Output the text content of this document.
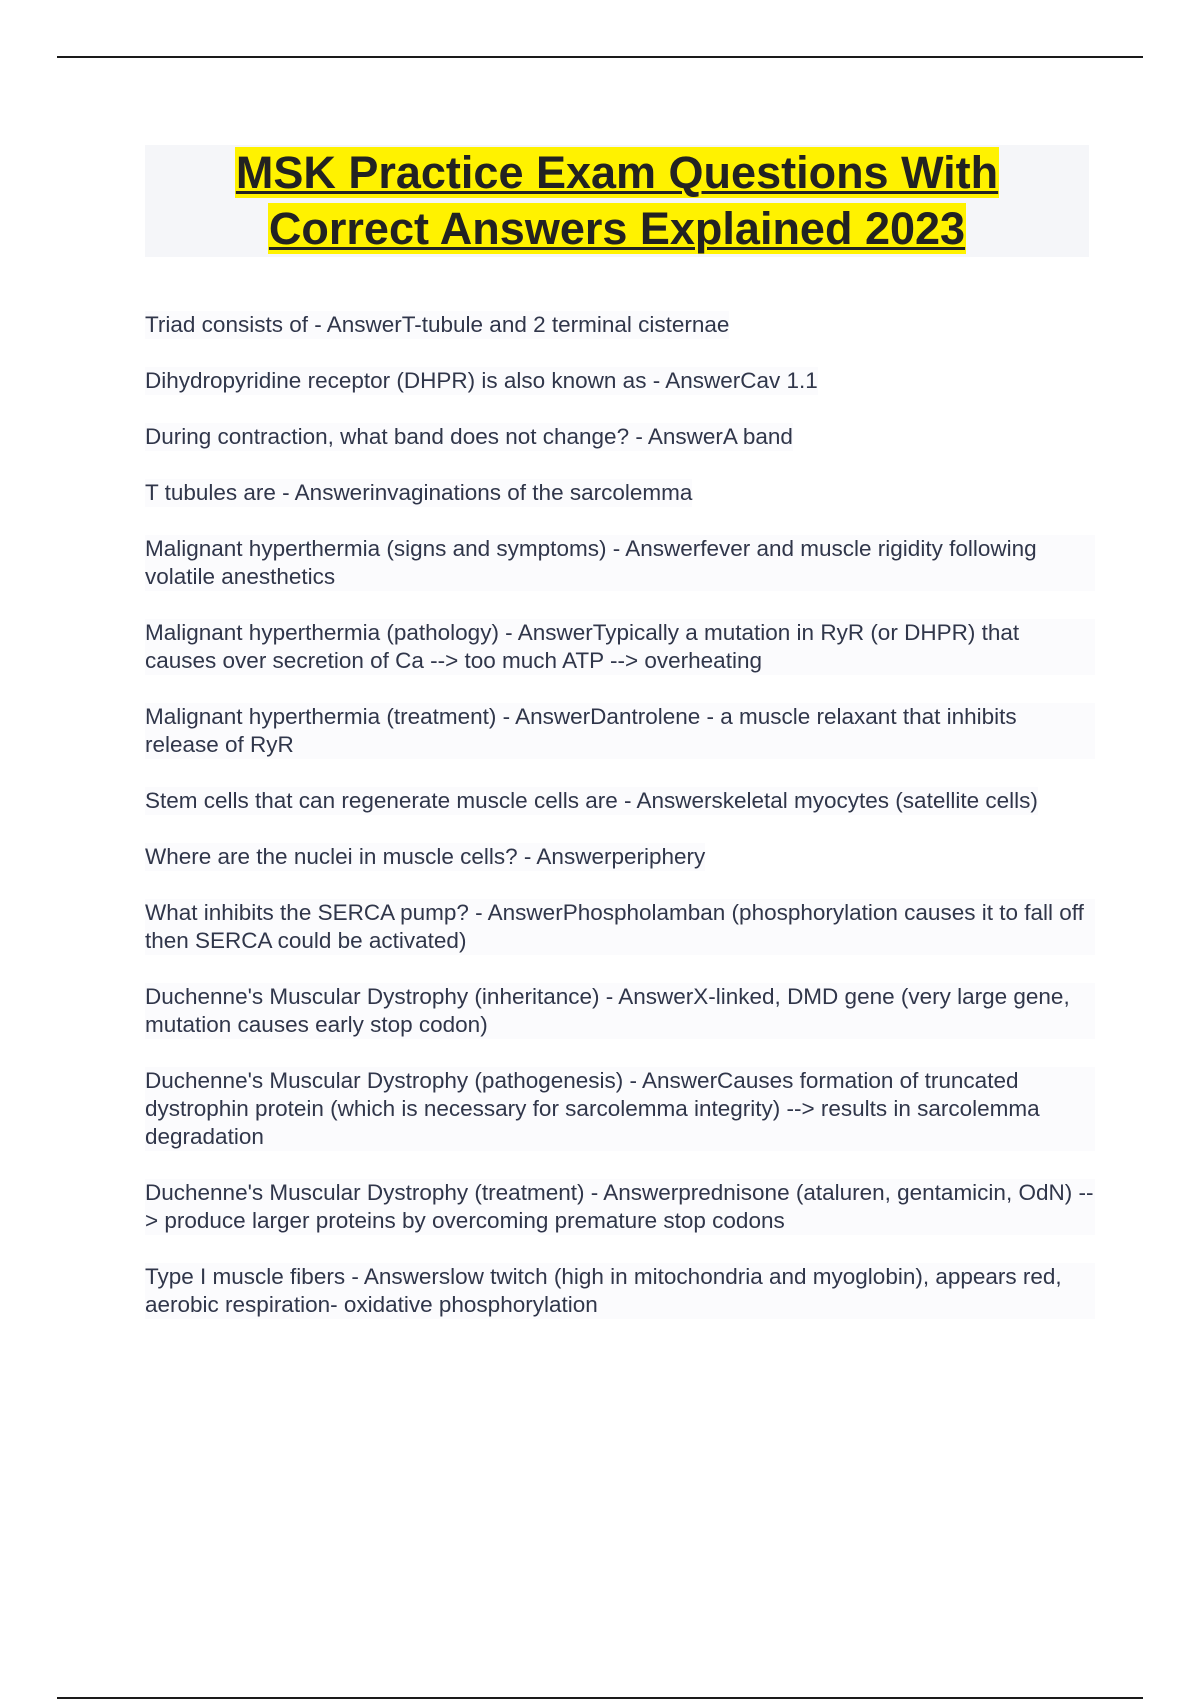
MSK Practice Exam Questions With
Correct Answers Explained 2023
Triad consists of - AnswerT-tubule and 2 terminal cisternae
Dihydropyridine receptor (DHPR) is also known as - AnswerCav 1.1
During contraction, what band does not change? - AnswerA band
T tubules are - Answerinvaginations of the sarcolemma
Malignant hyperthermia (signs and symptoms) - Answerfever and muscle rigidity following volatile anesthetics
Malignant hyperthermia (pathology) - AnswerTypically a mutation in RyR (or DHPR) that causes over secretion of Ca --> too much ATP --> overheating
Malignant hyperthermia (treatment) - AnswerDantrolene - a muscle relaxant that inhibits release of RyR
Stem cells that can regenerate muscle cells are - Answerskeletal myocytes (satellite cells)
Where are the nuclei in muscle cells? - Answerperiphery
What inhibits the SERCA pump? - AnswerPhospholamban (phosphorylation causes it to fall off then SERCA could be activated)
Duchenne's Muscular Dystrophy (inheritance) - AnswerX-linked, DMD gene (very large gene, mutation causes early stop codon)
Duchenne's Muscular Dystrophy (pathogenesis) - AnswerCauses formation of truncated dystrophin protein (which is necessary for sarcolemma integrity) --> results in sarcolemma degradation
Duchenne's Muscular Dystrophy (treatment) - Answerprednisone (ataluren, gentamicin, OdN) --> produce larger proteins by overcoming premature stop codons
Type I muscle fibers - Answerslow twitch (high in mitochondria and myoglobin), appears red, aerobic respiration- oxidative phosphorylation
